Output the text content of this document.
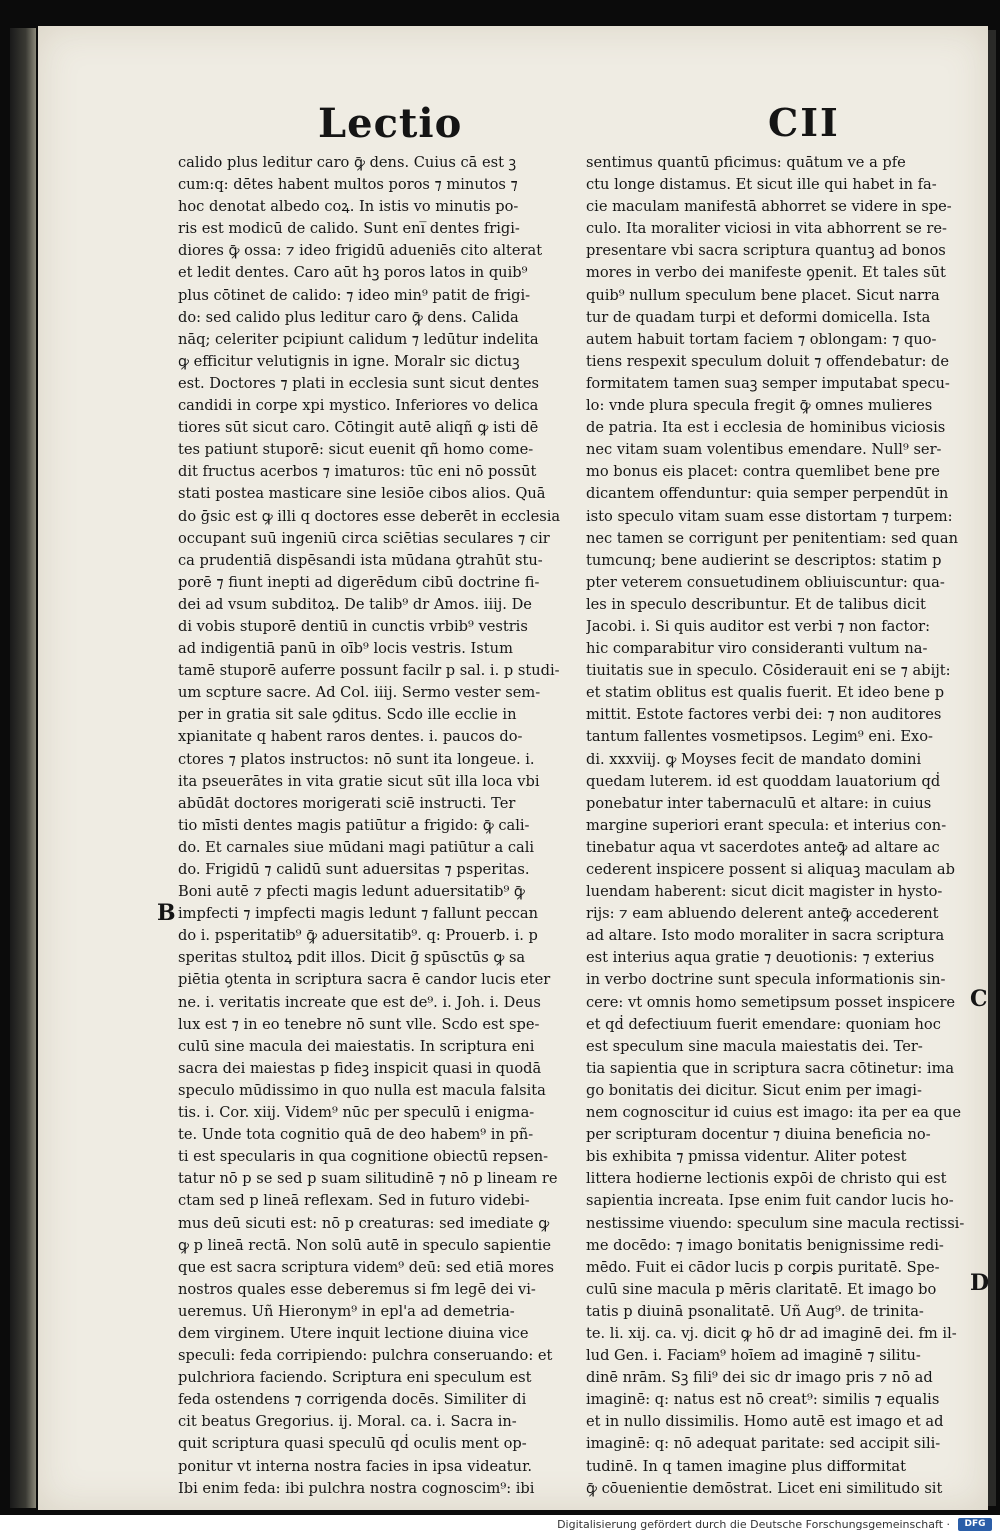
Lectio	CII
calido plus leditur caro ꝙ̄ dens. Cuius cā est ꝫ
cum:q: dētes habent multos poros ⁊ minutos ⁊
hoc denotat albedo coꝝ. In istis vo minutis po-
ris est modicū de calido. Sunt eni̅ dentes frigi-
diores ꝙ̄ ossa: ⁊ ideo frigidū adueniēs cito alterat
et ledit dentes. Caro aūt hꝫ poros latos in quib⁹
plus cōtinet de calido: ⁊ ideo min⁹ patit de frigi-
do: sed calido plus leditur caro ꝙ̄ dens. Calida
nāq; celeriter pcipiunt calidum ⁊ ledūtur indelita
ꝙ efficitur velutignis in igne. Moralr sic dictuꝫ
est. Doctores ⁊ plati in ecclesia sunt sicut dentes
candidi in corpe xpi mystico. Inferiores vo delica
tiores sūt sicut caro. Cōtingit autē aliqñ ꝙ isti dē
tes patiunt stuporē: sicut euenit qñ homo come-
dit fructus acerbos ⁊ imaturos: tūc eni nō possūt
stati postea masticare sine lesiōe cibos alios. Quā
do ḡsic est ꝙ illi q doctores esse deberēt in ecclesia
occupant suū ingeniū circa sciētias seculares ⁊ cir
ca prudentiā dispēsandi ista mūdana ꝯtrahūt stu-
porē ⁊ fiunt inepti ad digerēdum cibū doctrine fi-
dei ad vsum subditoꝝ. De talib⁹ dr Amos. iiij. De
di vobis stuporē dentiū in cunctis vrbib⁹ vestris
ad indigentiā panū in oīb⁹ locis vestris. Istum
tamē stuporē auferre possunt facilr p sal. i. p studi-
um scpture sacre. Ad Col. iiij. Sermo vester sem-
per in gratia sit sale ꝯditus. Scdo ille ecclie in
xpianitate q habent raros dentes. i. paucos do-
ctores ⁊ platos instructos: nō sunt ita longeue. i.
ita pseuerātes in vita gratie sicut sūt illa loca vbi
abūdāt doctores morigerati sciē instructi. Ter
tio mīsti dentes magis patiūtur a frigido: ꝙ̄ cali-
do. Et carnales siue mūdani magi patiūtur a cali
do. Frigidū ⁊ calidū sunt aduersitas ⁊ psperitas.
Boni autē ⁊ pfecti magis ledunt aduersitatib⁹ ꝙ̄
impfecti ⁊ impfecti magis ledunt ⁊ fallunt peccan
do i. psperitatib⁹ ꝙ̄ aduersitatib⁹. q: Prouerb. i. p
speritas stultoꝝ pdit illos. Dicit ḡ spūsctūs ꝙ sa
piētia ꝯtenta in scriptura sacra ē candor lucis eter
ne. i. veritatis increate que est de⁹. i. Joh. i. Deus
lux est ⁊ in eo tenebre nō sunt vlle. Scdo est spe-
culū sine macula dei maiestatis. In scriptura eni
sacra dei maiestas p fideꝫ inspicit quasi in quodā
speculo mūdissimo in quo nulla est macula falsita
tis. i. Cor. xiij. Videm⁹ nūc per speculū i enigma-
te. Unde tota cognitio quā de deo habem⁹ in pñ-
ti est specularis in qua cognitione obiectū repsen-
tatur nō p se sed p suam silitudinē ⁊ nō p lineam re
ctam sed p lineā reflexam. Sed in futuro videbi-
mus deū sicuti est: nō p creaturas: sed imediate ꝙ
ꝙ p lineā rectā. Non solū autē in speculo sapientie
que est sacra scriptura videm⁹ deū: sed etiā mores
nostros quales esse deberemus si fm legē dei vi-
ueremus. Uñ Hieronym⁹ in epl'a ad demetria-
dem virginem. Utere inquit lectione diuina vice
speculi: feda corripiendo: pulchra conseruando: et
pulchriora faciendo. Scriptura eni speculum est
feda ostendens ⁊ corrigenda docēs. Similiter di
cit beatus Gregorius. ij. Moral. ca. i. Sacra in-
quit scriptura quasi speculū qḋ oculis ment op-
ponitur vt interna nostra facies in ipsa videatur.
Ibi enim feda: ibi pulchra nostra cognoscim⁹: ibi
sentimus quantū pficimus: quātum ve a pfe
ctu longe distamus. Et sicut ille qui habet in fa-
cie maculam manifestā abhorret se videre in spe-
culo. Ita moraliter viciosi in vita abhorrent se re-
presentare vbi sacra scriptura quantuꝫ ad bonos
mores in verbo dei manifeste ꝯpenit. Et tales sūt
quib⁹ nullum speculum bene placet. Sicut narra
tur de quadam turpi et deformi domicella. Ista
autem habuit tortam faciem ⁊ oblongam: ⁊ quo-
tiens respexit speculum doluit ⁊ offendebatur: de
formitatem tamen suaꝫ semper imputabat specu-
lo: vnde plura specula fregit ꝙ̄ omnes mulieres
de patria. Ita est i ecclesia de hominibus viciosis
nec vitam suam volentibus emendare. Null⁹ ser-
mo bonus eis placet: contra quemlibet bene pre
dicantem offenduntur: quia semper perpendūt in
isto speculo vitam suam esse distortam ⁊ turpem:
nec tamen se corrigunt per penitentiam: sed quan
tumcunq; bene audierint se descriptos: statim p
pter veterem consuetudinem obliuiscuntur: qua-
les in speculo describuntur. Et de talibus dicit
Jacobi. i. Si quis auditor est verbi ⁊ non factor:
hic comparabitur viro consideranti vultum na-
tiuitatis sue in speculo. Cōsiderauit eni se ⁊ abijt:
et statim oblitus est qualis fuerit. Et ideo bene p
mittit. Estote factores verbi dei: ⁊ non auditores
tantum fallentes vosmetipsos. Legim⁹ eni. Exo-
di. xxxviij. ꝙ Moyses fecit de mandato domini
quedam luterem. id est quoddam lauatorium qḋ
ponebatur inter tabernaculū et altare: in cuius
margine superiori erant specula: et interius con-
tinebatur aqua vt sacerdotes anteꝙ̄ ad altare ac
cederent inspicere possent si aliquaꝫ maculam ab
luendam haberent: sicut dicit magister in hysto-
rijs: ⁊ eam abluendo delerent anteꝙ̄ accederent
ad altare. Isto modo moraliter in sacra scriptura
est interius aqua gratie ⁊ deuotionis: ⁊ exterius
in verbo doctrine sunt specula informationis sin-
cere: vt omnis homo semetipsum posset inspicere
et qḋ defectiuum fuerit emendare: quoniam hoc
est speculum sine macula maiestatis dei. Ter-
tia sapientia que in scriptura sacra cōtinetur: ima
go bonitatis dei dicitur. Sicut enim per imagi-
nem cognoscitur id cuius est imago: ita per ea que
per scripturam docentur ⁊ diuina beneficia no-
bis exhibita ⁊ pmissa videntur. Aliter potest
littera hodierne lectionis expōi de christo qui est
sapientia increata. Ipse enim fuit candor lucis ho-
nestissime viuendo: speculum sine macula rectissi-
me docēdo: ⁊ imago bonitatis benignissime redi-
mēdo. Fuit ei cādor lucis p corꝑis puritatē. Spe-
culū sine macula p mēris claritatē. Et imago bo
tatis p diuinā psonalitatē. Uñ Aug⁹. de trinita-
te. li. xij. ca. vj. dicit ꝙ hō dr ad imaginē dei. fm il-
lud Gen. i. Faciam⁹ hoīem ad imaginē ⁊ silitu-
dinē nrām. Sꝫ fili⁹ dei sic dr imago pris ⁊ nō ad
imaginē: q: natus est nō creat⁹: similis ⁊ equalis
et in nullo dissimilis. Homo autē est imago et ad
imaginē: q: nō adequat paritate: sed accipit sili-
tudinē. In q tamen imagine plus difformitat
ꝙ̄ cōuenientie demōstrat. Licet eni similitudo sit
B
C
D
Digitalisierung gefördert durch die Deutsche Forschungsgemeinschaft ·	DFG
